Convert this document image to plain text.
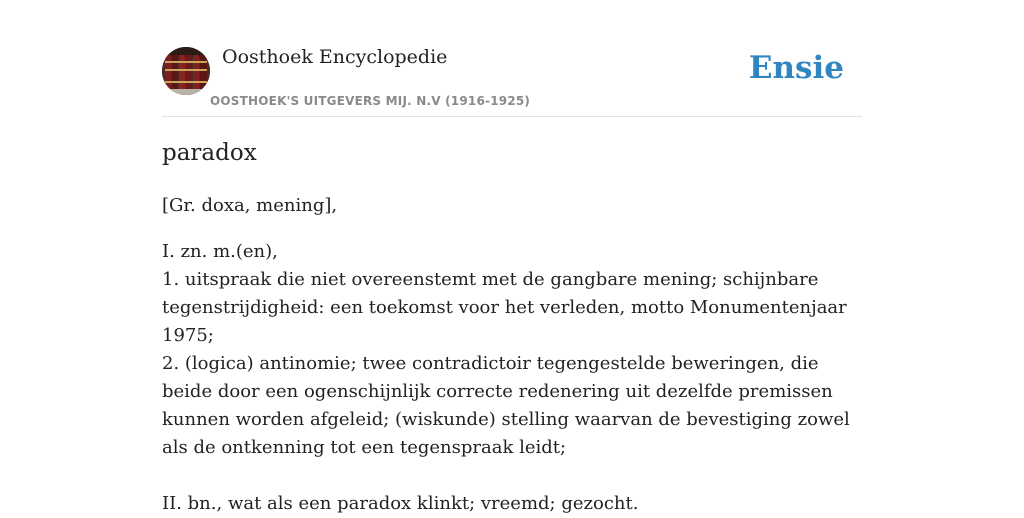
Oosthoek Encyclopedie
OOSTHOEK'S UITGEVERS MIJ. N.V (1916-1925)
Ensie
paradox

[Gr. doxa, mening],

I. zn. m.(en),

1. uitspraak die niet overeenstemt met de gangbare mening; schijnbare tegenstrijdigheid: een toekomst voor het verleden, motto Monumentenjaar 1975;

2. (logica) antinomie; twee contradictoir tegengestelde beweringen, die beide door een ogenschijnlijk correcte redenering uit dezelfde premissen kunnen worden afgeleid; (wiskunde) stelling waarvan de bevestiging zowel als de ontkenning tot een tegenspraak leidt;

II. bn., wat als een paradox klinkt; vreemd; gezocht.
